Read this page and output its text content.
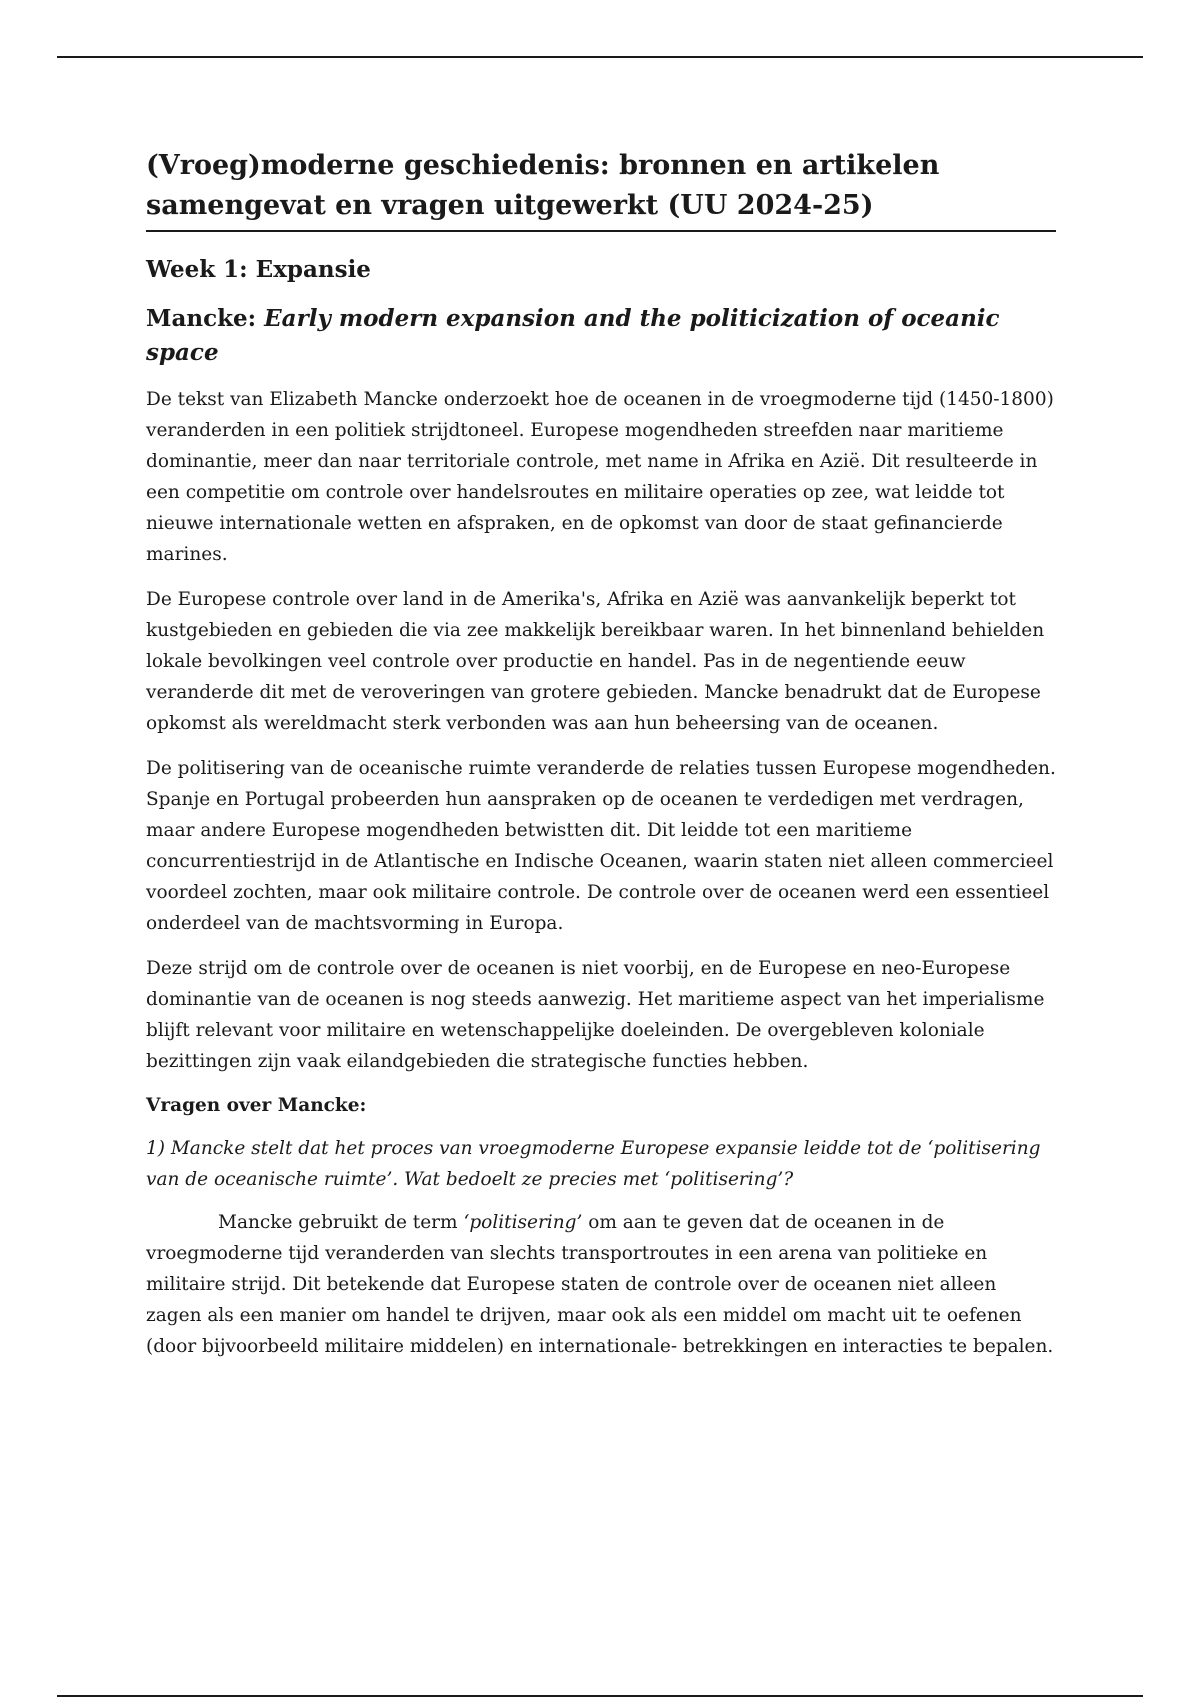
(Vroeg)moderne geschiedenis: bronnen en artikelen samengevat en vragen uitgewerkt (UU 2024-25)
Week 1: Expansie
Mancke: Early modern expansion and the politicization of oceanic space

De tekst van Elizabeth Mancke onderzoekt hoe de oceanen in de vroegmoderne tijd (1450-1800) veranderden in een politiek strijdtoneel. Europese mogendheden streefden naar maritieme dominantie, meer dan naar territoriale controle, met name in Afrika en Azië. Dit resulteerde in een competitie om controle over handelsroutes en militaire operaties op zee, wat leidde tot nieuwe internationale wetten en afspraken, en de opkomst van door de staat gefinancierde marines.

De Europese controle over land in de Amerika's, Afrika en Azië was aanvankelijk beperkt tot kustgebieden en gebieden die via zee makkelijk bereikbaar waren. In het binnenland behielden lokale bevolkingen veel controle over productie en handel. Pas in de negentiende eeuw veranderde dit met de veroveringen van grotere gebieden. Mancke benadrukt dat de Europese opkomst als wereldmacht sterk verbonden was aan hun beheersing van de oceanen.

De politisering van de oceanische ruimte veranderde de relaties tussen Europese mogendheden. Spanje en Portugal probeerden hun aanspraken op de oceanen te verdedigen met verdragen, maar andere Europese mogendheden betwistten dit. Dit leidde tot een maritieme concurrentiestrijd in de Atlantische en Indische Oceanen, waarin staten niet alleen commercieel voordeel zochten, maar ook militaire controle. De controle over de oceanen werd een essentieel onderdeel van de machtsvorming in Europa.

Deze strijd om de controle over de oceanen is niet voorbij, en de Europese en neo-Europese dominantie van de oceanen is nog steeds aanwezig. Het maritieme aspect van het imperialisme blijft relevant voor militaire en wetenschappelijke doeleinden. De overgebleven koloniale bezittingen zijn vaak eilandgebieden die strategische functies hebben.

Vragen over Mancke:

1) Mancke stelt dat het proces van vroegmoderne Europese expansie leidde tot de ‘politisering van de oceanische ruimte’. Wat bedoelt ze precies met ‘politisering’?

Mancke gebruikt de term ‘politisering’ om aan te geven dat de oceanen in de vroegmoderne tijd veranderden van slechts transportroutes in een arena van politieke en militaire strijd. Dit betekende dat Europese staten de controle over de oceanen niet alleen zagen als een manier om handel te drijven, maar ook als een middel om macht uit te oefenen (door bijvoorbeeld militaire middelen) en internationale- betrekkingen en interacties te bepalen.
